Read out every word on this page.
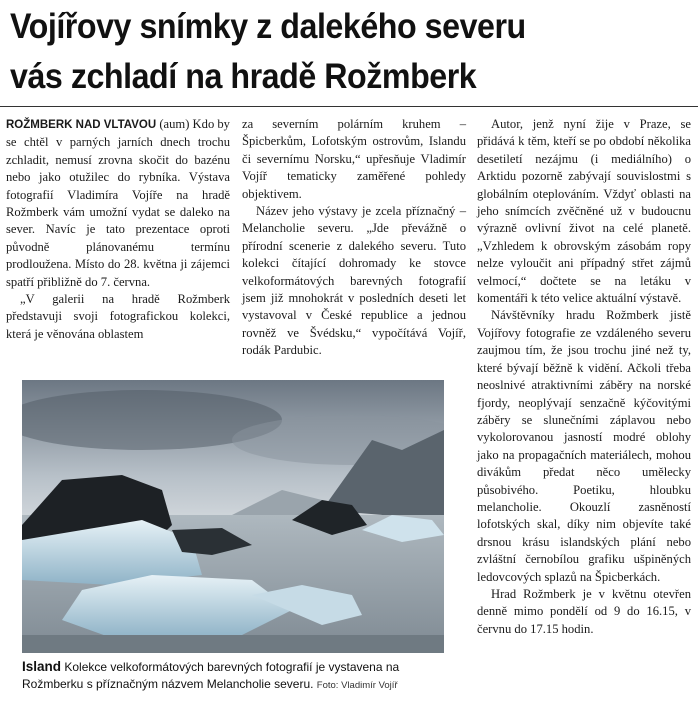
Vojířovy snímky z dalekého severu
vás zchladí na hradě Rožmberk

ROŽMBERK NAD VLTAVOU (aum) Kdo by se chtěl v parných jarních dnech trochu zchladit, nemusí zrovna skočit do bazénu nebo jako otužilec do rybníka. Výstava fotografií Vladimíra Vojíře na hradě Rožmberk vám umožní vydat se daleko na sever. Navíc je tato prezentace oproti původně plánovanému termínu prodloužena. Místo do 28. května ji zájemci spatří přibližně do 7. června.

„V galerii na hradě Rožmberk představuji svoji fotografickou kolekci, která je věnována oblastem

za severním polárním kruhem – Špicberkům, Lofotským ostrovům, Islandu či severnímu Norsku,“ upřesňuje Vladimír Vojíř tematicky zaměřené pohledy objektivem.

Název jeho výstavy je zcela příznačný – Melancholie severu. „Jde převážně o přírodní scenerie z dalekého severu. Tuto kolekci čítající dohromady ke stovce velkoformátových barevných fotografií jsem již mnohokrát v posledních deseti let vystavoval v České republice a jednou rovněž ve Švédsku,“ vypočítává Vojíř, rodák Pardubic.

Autor, jenž nyní žije v Praze, se přidává k těm, kteří se po období několika desetiletí nezájmu (i mediálního) o Arktidu pozorně zabývají souvislostmi s globálním oteplováním. Vždyť oblasti na jeho snímcích zvěčněné už v budoucnu výrazně ovlivní život na celé planetě. „Vzhledem k obrovským zásobám ropy nelze vyloučit ani případný střet zájmů velmocí,“ dočtete se na letáku v komentáři k této velice aktuální výstavě.

Návštěvníky hradu Rožmberk jistě Vojířovy fotografie ze vzdáleného severu zaujmou tím, že jsou trochu jiné než ty, které bývají běžně k vidění. Ačkoli třeba neoslnivé atraktivními záběry na norské fjordy, neoplývají senzačně kýčovitými záběry se slunečními záplavou nebo vykolorovanou jasností modré oblohy jako na propagačních materiálech, mohou divákům předat něco umělecky působivého. Poetiku, hloubku melancholie. Okouzlí zasněností lofotských skal, díky nim objevíte také drsnou krásu islandských plání nebo zvláštní černobílou grafiku ušpiněných ledovcových splazů na Špicberkách.

Hrad Rožmberk je v květnu otevřen denně mimo pondělí od 9 do 16.15, v červnu do 17.15 hodin.

Island Kolekce velkoformátových barevných fotografií je vystavena na Rožmberku s příznačným názvem Melancholie severu. Foto: Vladimír Vojíř
